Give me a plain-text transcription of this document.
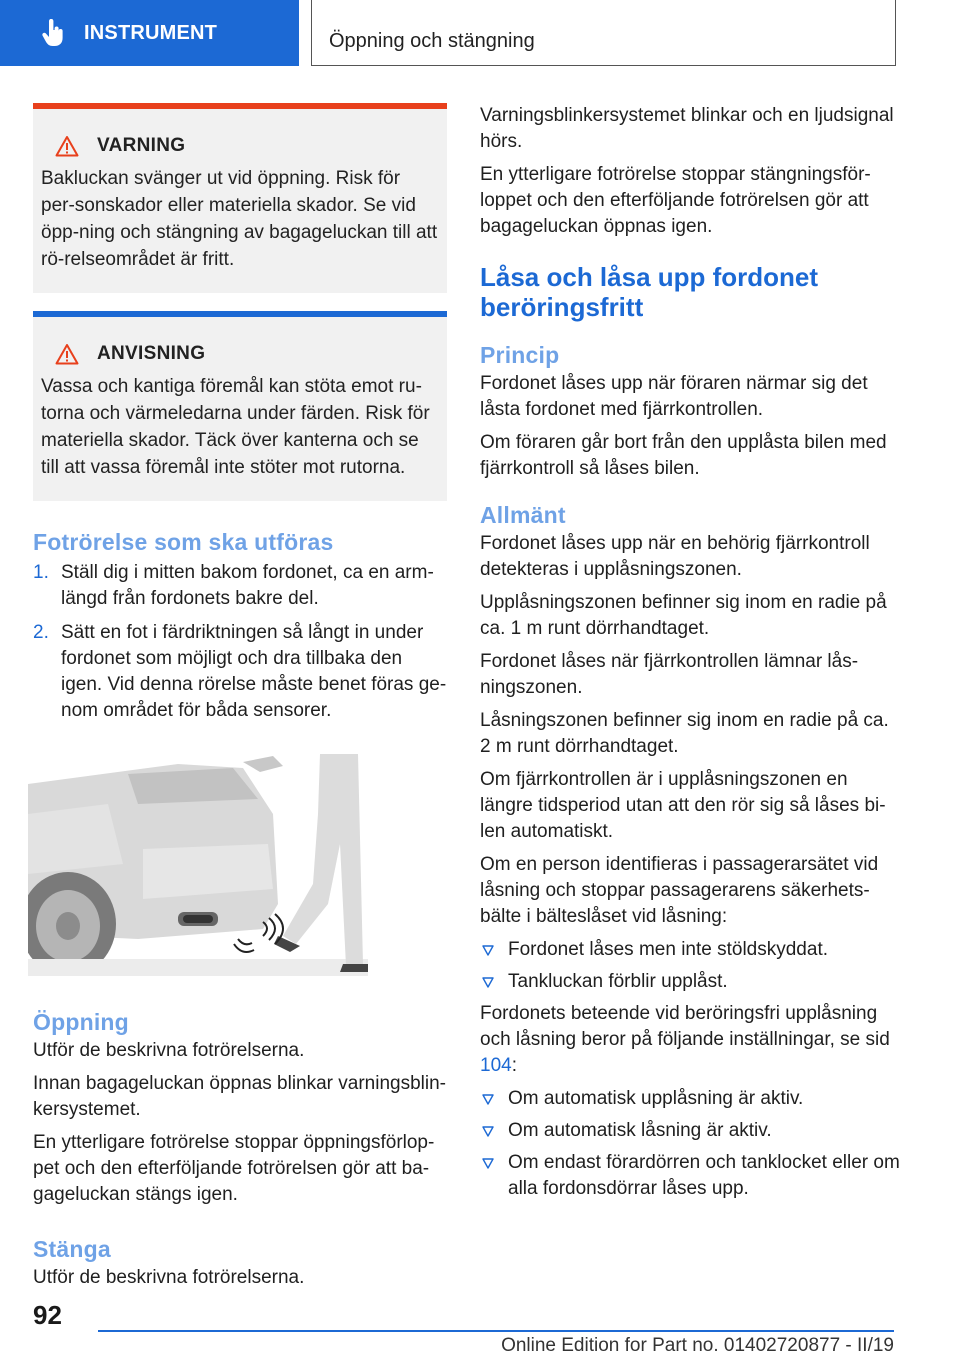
INSTRUMENT	Öppning och stängning
VARNING

Bakluckan svänger ut vid öppning. Risk för per-sonskador eller materiella skador. Se vid öpp-ning och stängning av bagageluckan till att rö-relseområdet är fritt.

ANVISNING

Vassa och kantiga föremål kan stöta emot ru-torna och värmeledarna under färden. Risk för materiella skador. Täck över kanterna och se till att vassa föremål inte stöter mot rutorna.

Fotrörelse som ska utföras
1. Ställ dig i mitten bakom fordonet, ca en arm-längd från fordonets bakre del.
2. Sätt en fot i färdriktningen så långt in under fordonet som möjligt och dra tillbaka den igen. Vid denna rörelse måste benet föras ge-nom området för båda sensorer.
Öppning

Utför de beskrivna fotrörelserna.

Innan bagageluckan öppnas blinkar varningsblin-kersystemet.

En ytterligare fotrörelse stoppar öppningsförlop-pet och den efterföljande fotrörelsen gör att ba-gageluckan stängs igen.

Stänga

Utför de beskrivna fotrörelserna.

Varningsblinkersystemet blinkar och en ljudsignal hörs.

En ytterligare fotrörelse stoppar stängningsför-loppet och den efterföljande fotrörelsen gör att bagageluckan öppnas igen.

Låsa och låsa upp fordonet beröringsfritt
Princip

Fordonet låses upp när föraren närmar sig det låsta fordonet med fjärrkontrollen.

Om föraren går bort från den upplåsta bilen med fjärrkontroll så låses bilen.

Allmänt

Fordonet låses upp när en behörig fjärrkontroll detekteras i upplåsningszonen.

Upplåsningszonen befinner sig inom en radie på ca. 1 m runt dörrhandtaget.

Fordonet låses när fjärrkontrollen lämnar lås-ningszonen.

Låsningszonen befinner sig inom en radie på ca. 2 m runt dörrhandtaget.

Om fjärrkontrollen är i upplåsningszonen en längre tidsperiod utan att den rör sig så låses bi-len automatiskt.

Om en person identifieras i passagerarsätet vid låsning och stoppar passagerarens säkerhets-bälte i bälteslåset vid låsning:

Fordonet låses men inte stöldskyddat.
Tankluckan förblir upplåst.

Fordonets beteende vid beröringsfri upplåsning och låsning beror på följande inställningar, se sid 104:

Om automatisk upplåsning är aktiv.
Om automatisk låsning är aktiv.
Om endast förardörren och tanklocket eller om alla fordonsdörrar låses upp.
92
Online Edition for Part no. 01402720877 - II/19
